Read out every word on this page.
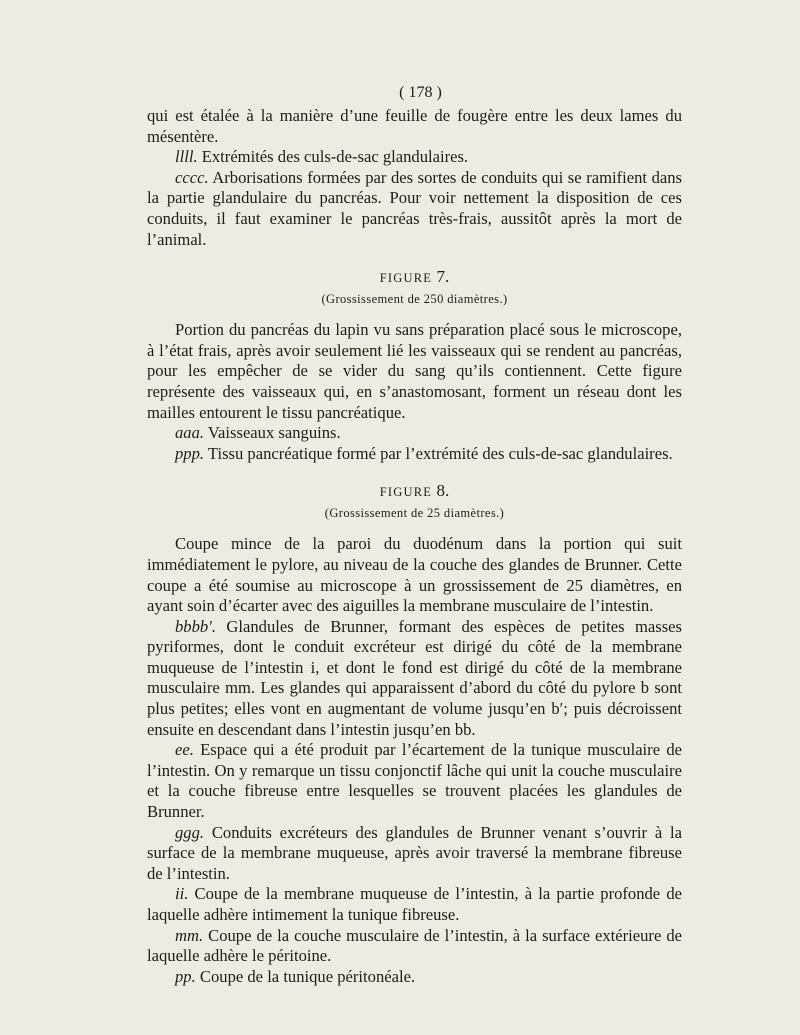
( 178 )

qui est étalée à la manière d’une feuille de fougère entre les deux lames du mésentère.

llll. Extrémités des culs-de-sac glandulaires.

cccc. Arborisations formées par des sortes de conduits qui se ramifient dans la partie glandulaire du pancréas. Pour voir nettement la disposition de ces conduits, il faut examiner le pancréas très-frais, aussitôt après la mort de l’animal.

FIGURE 7.
(Grossissement de 250 diamètres.)

Portion du pancréas du lapin vu sans préparation placé sous le microscope, à l’état frais, après avoir seulement lié les vaisseaux qui se rendent au pancréas, pour les empêcher de se vider du sang qu’ils contiennent. Cette figure représente des vaisseaux qui, en s’anastomosant, forment un réseau dont les mailles entourent le tissu pancréatique.

aaa. Vaisseaux sanguins.

ppp. Tissu pancréatique formé par l’extrémité des culs-de-sac glandulaires.

FIGURE 8.
(Grossissement de 25 diamètres.)

Coupe mince de la paroi du duodénum dans la portion qui suit immédiatement le pylore, au niveau de la couche des glandes de Brunner. Cette coupe a été soumise au microscope à un grossissement de 25 diamètres, en ayant soin d’écarter avec des aiguilles la membrane musculaire de l’intestin.

bbbb′. Glandules de Brunner, formant des espèces de petites masses pyriformes, dont le conduit excréteur est dirigé du côté de la membrane muqueuse de l’intestin i, et dont le fond est dirigé du côté de la membrane musculaire mm. Les glandes qui apparaissent d’abord du côté du pylore b sont plus petites; elles vont en augmentant de volume jusqu’en b′; puis décroissent ensuite en descendant dans l’intestin jusqu’en bb.

ee. Espace qui a été produit par l’écartement de la tunique musculaire de l’intestin. On y remarque un tissu conjonctif lâche qui unit la couche musculaire et la couche fibreuse entre lesquelles se trouvent placées les glandules de Brunner.

ggg. Conduits excréteurs des glandules de Brunner venant s’ouvrir à la surface de la membrane muqueuse, après avoir traversé la membrane fibreuse de l’intestin.

ii. Coupe de la membrane muqueuse de l’intestin, à la partie profonde de laquelle adhère intimement la tunique fibreuse.

mm. Coupe de la couche musculaire de l’intestin, à la surface extérieure de laquelle adhère le péritoine.

pp. Coupe de la tunique péritonéale.
